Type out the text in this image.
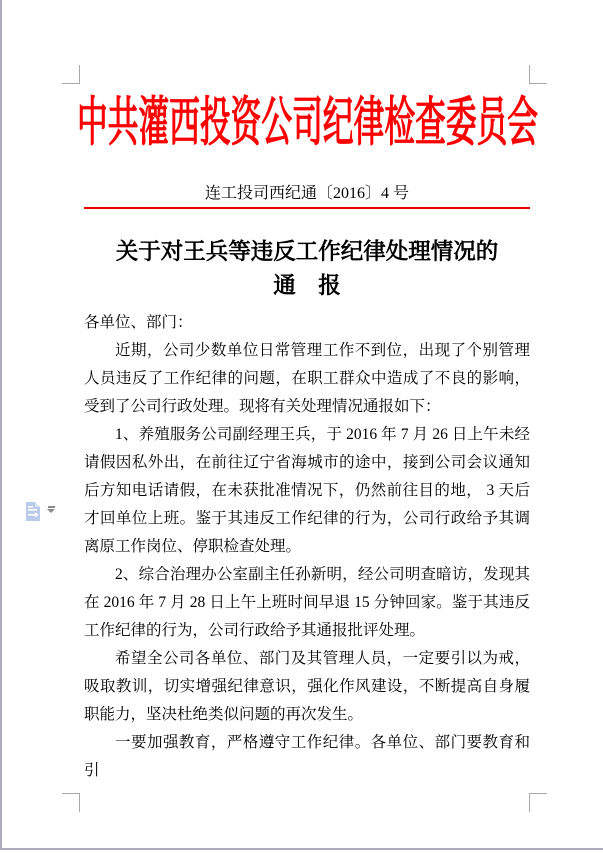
中共灌西投资公司纪律检查委员会
连工投司西纪通〔2016〕4 号
关于对王兵等违反工作纪律处理情况的
通　报

各单位、部门：

近期，公司少数单位日常管理工作不到位，出现了个别管理人员违反了工作纪律的问题，在职工群众中造成了不良的影响，受到了公司行政处理。现将有关处理情况通报如下：

1、养殖服务公司副经理王兵，于 2016 年 7 月 26 日上午未经请假因私外出，在前往辽宁省海城市的途中，接到公司会议通知后方知电话请假，在未获批准情况下，仍然前往目的地， 3 天后才回单位上班。鉴于其违反工作纪律的行为，公司行政给予其调离原工作岗位、停职检查处理。

2、综合治理办公室副主任孙新明，经公司明查暗访，发现其在 2016 年 7 月 28 日上午上班时间早退 15 分钟回家。鉴于其违反工作纪律的行为，公司行政给予其通报批评处理。

希望全公司各单位、部门及其管理人员，一定要引以为戒，吸取教训，切实增强纪律意识，强化作风建设，不断提高自身履职能力，坚决杜绝类似问题的再次发生。

一要加强教育，严格遵守工作纪律。各单位、部门要教育和引
